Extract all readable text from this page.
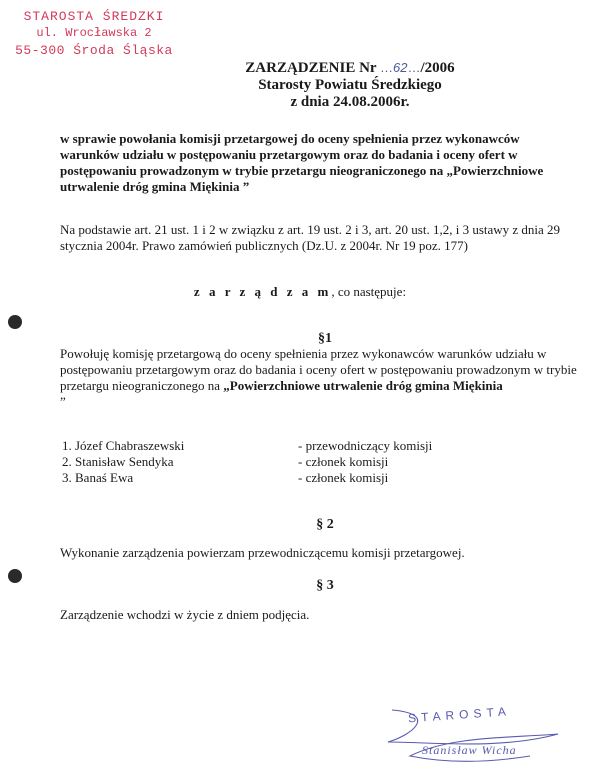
STAROSTA ŚREDZKI
ul. Wrocławska 2
55-300 Środa Śląska
ZARZĄDZENIE Nr …62…/2006
Starosty Powiatu Średzkiego
z dnia 24.08.2006r.
w sprawie powołania komisji przetargowej do oceny spełnienia przez wykonawców warunków udziału w postępowaniu przetargowym oraz do badania i oceny ofert w postępowaniu prowadzonym w trybie przetargu nieograniczonego na „Powierzchniowe utrwalenie dróg gmina Miękinia ”
Na podstawie art. 21 ust. 1 i 2 w związku z art. 19 ust. 2 i 3, art. 20 ust. 1,2, i 3 ustawy z dnia 29 stycznia 2004r. Prawo zamówień publicznych (Dz.U. z 2004r. Nr 19 poz. 177)
z a r z ą d z a m, co następuje:
§1
Powołuję komisję przetargową do oceny spełnienia przez wykonawców warunków udziału w postępowaniu przetargowym oraz do badania i oceny ofert w postępowaniu prowadzonym w trybie przetargu nieograniczonego na „Powierzchniowe utrwalenie dróg gmina Miękinia
”
1. Józef Chabraszewski	- przewodniczący komisji
2. Stanisław Sendyka	- członek komisji
3. Banaś Ewa	- członek komisji
§ 2
Wykonanie zarządzenia powierzam przewodniczącemu komisji przetargowej.
§ 3
Zarządzenie wchodzi w życie z dniem podjęcia.
STAROSTA
Stanisław Wicha
